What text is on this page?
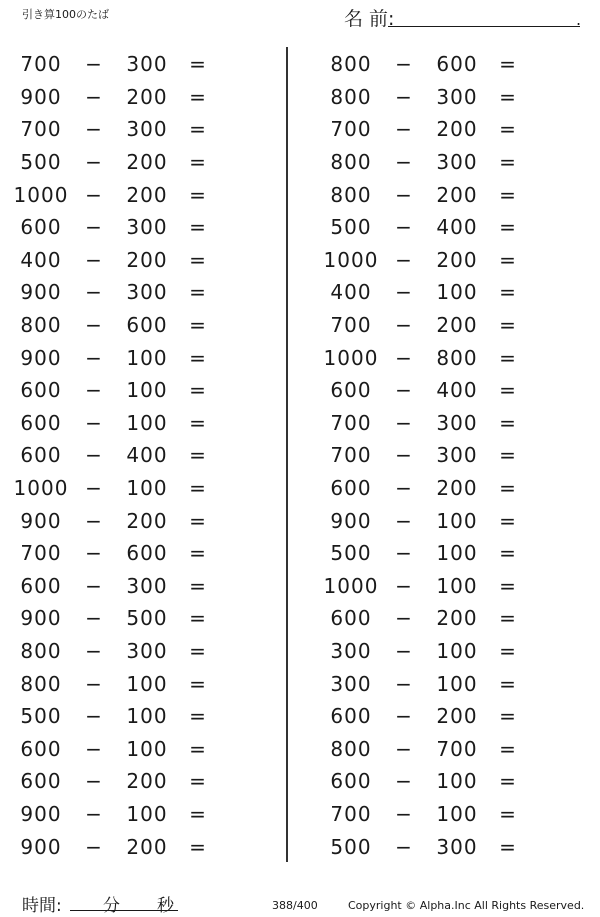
引き算100のたば	名 前:	.
700	−	300	=
900	−	200	=
700	−	300	=
500	−	200	=
1000 −	200	=
600	−	300	=
400	−	200	=
900	−	300	=
800	−	600	=
900	−	100	=
600	−	100	=
600	−	100	=
600	−	400	=
1000 −	100	=
900	−	200	=
700	−	600	=
600	−	300	=
900	−	500	=
800	−	300	=
800	−	100	=
500	−	100	=
600	−	100	=
600	−	200	=
900	−	100	=
900	−	200	=
800	−	600	=
800	−	300	=
700	−	200	=
800	−	300	=
800	−	200	=
500	−	400	=
1000 −	200	=
400	−	100	=
700	−	200	=
1000 −	800	=
600	−	400	=
700	−	300	=
700	−	300	=
600	−	200	=
900	−	100	=
500	−	100	=
1000 −	100	=
600	−	200	=
300	−	100	=
300	−	100	=
600	−	200	=
800	−	700	=
600	−	100	=
700	−	100	=
500	−	300	=
時間: 分 秒	388/400	Copyright © Alpha.Inc All Rights Reserved.
